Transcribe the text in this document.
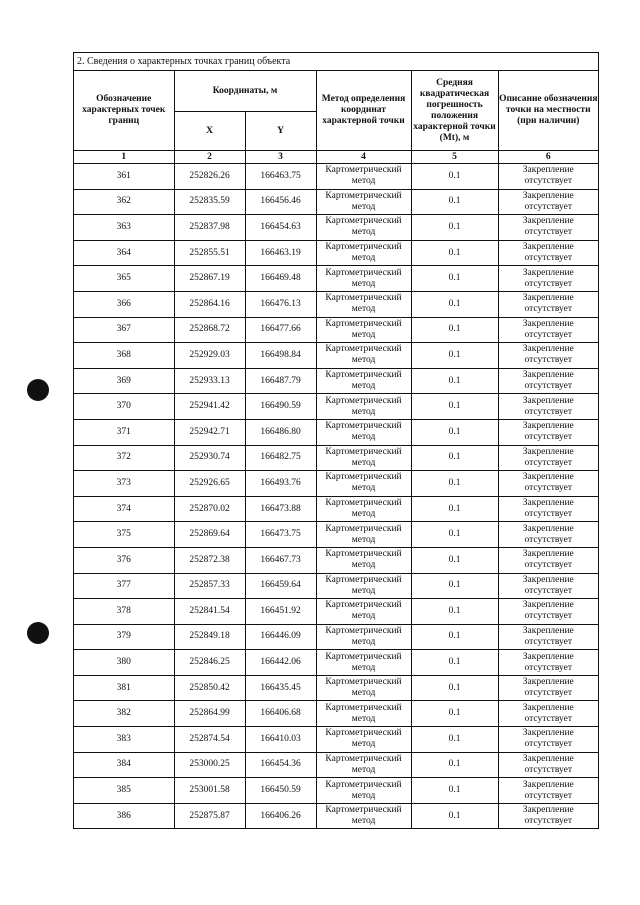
2. Сведения о характерных точках границ объекта
Обозначение характерных точек границ	Координаты, м		Метод определения координат характерной точки	Средняя квадратическая погрешность положения характерной точки (Mt), м	Описание обозначения точки на местности (при наличии)
	X	Y			
1	2	3	4	5	6
361	252826.26	166463.75	Картометрический метод	0.1	Закрепление отсутствует
362	252835.59	166456.46	Картометрический метод	0.1	Закрепление отсутствует
363	252837.98	166454.63	Картометрический метод	0.1	Закрепление отсутствует
364	252855.51	166463.19	Картометрический метод	0.1	Закрепление отсутствует
365	252867.19	166469.48	Картометрический метод	0.1	Закрепление отсутствует
366	252864.16	166476.13	Картометрический метод	0.1	Закрепление отсутствует
367	252868.72	166477.66	Картометрический метод	0.1	Закрепление отсутствует
368	252929.03	166498.84	Картометрический метод	0.1	Закрепление отсутствует
369	252933.13	166487.79	Картометрический метод	0.1	Закрепление отсутствует
370	252941.42	166490.59	Картометрический метод	0.1	Закрепление отсутствует
371	252942.71	166486.80	Картометрический метод	0.1	Закрепление отсутствует
372	252930.74	166482.75	Картометрический метод	0.1	Закрепление отсутствует
373	252926.65	166493.76	Картометрический метод	0.1	Закрепление отсутствует
374	252870.02	166473.88	Картометрический метод	0.1	Закрепление отсутствует
375	252869.64	166473.75	Картометрический метод	0.1	Закрепление отсутствует
376	252872.38	166467.73	Картометрический метод	0.1	Закрепление отсутствует
377	252857.33	166459.64	Картометрический метод	0.1	Закрепление отсутствует
378	252841.54	166451.92	Картометрический метод	0.1	Закрепление отсутствует
379	252849.18	166446.09	Картометрический метод	0.1	Закрепление отсутствует
380	252846.25	166442.06	Картометрический метод	0.1	Закрепление отсутствует
381	252850.42	166435.45	Картометрический метод	0.1	Закрепление отсутствует
382	252864.99	166406.68	Картометрический метод	0.1	Закрепление отсутствует
383	252874.54	166410.03	Картометрический метод	0.1	Закрепление отсутствует
384	253000.25	166454.36	Картометрический метод	0.1	Закрепление отсутствует
385	253001.58	166450.59	Картометрический метод	0.1	Закрепление отсутствует
386	252875.87	166406.26	Картометрический метод	0.1	Закрепление отсутствует
